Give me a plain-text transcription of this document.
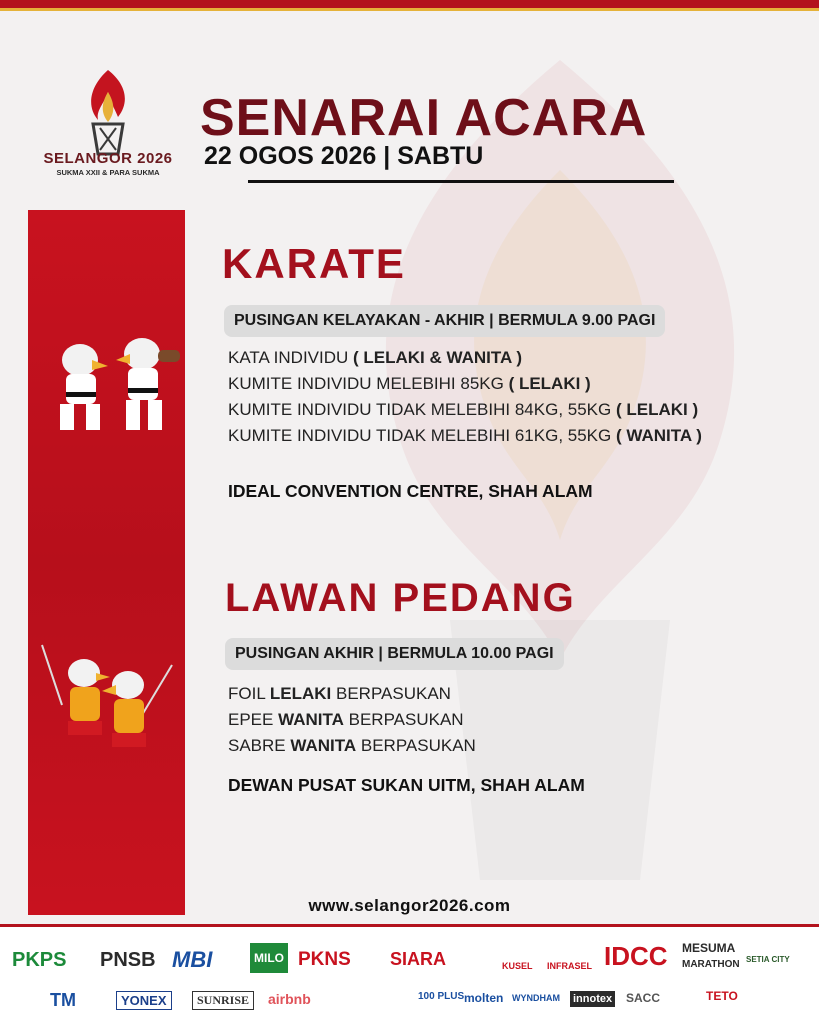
SELANGOR 2026
SUKMA XXII & PARA SUKMA
SENARAI ACARA
22 OGOS 2026 | SABTU
KARATE
PUSINGAN KELAYAKAN - AKHIR | BERMULA 9.00 PAGI
KATA INDIVIDU ( LELAKI & WANITA )
KUMITE INDIVIDU MELEBIHI 85KG ( LELAKI )
KUMITE INDIVIDU TIDAK MELEBIHI 84KG, 55KG ( LELAKI )
KUMITE INDIVIDU TIDAK MELEBIHI 61KG, 55KG ( WANITA )
IDEAL CONVENTION CENTRE, SHAH ALAM
LAWAN PEDANG
PUSINGAN AKHIR | BERMULA 10.00 PAGI
FOIL LELAKI BERPASUKAN
EPEE WANITA BERPASUKAN
SABRE WANITA BERPASUKAN
DEWAN PUSAT SUKAN UITM, SHAH ALAM
www.selangor2026.com
PKPS PNSB MBI	MILO PKNS SIARA	KUSEL INFRASEL IDCC MESUMA
MARATHON SETIA CITY
TM	YONEX	SUNRISE	airbnb	100 PLUS molten WYNDHAM innotex SACC	TETO
